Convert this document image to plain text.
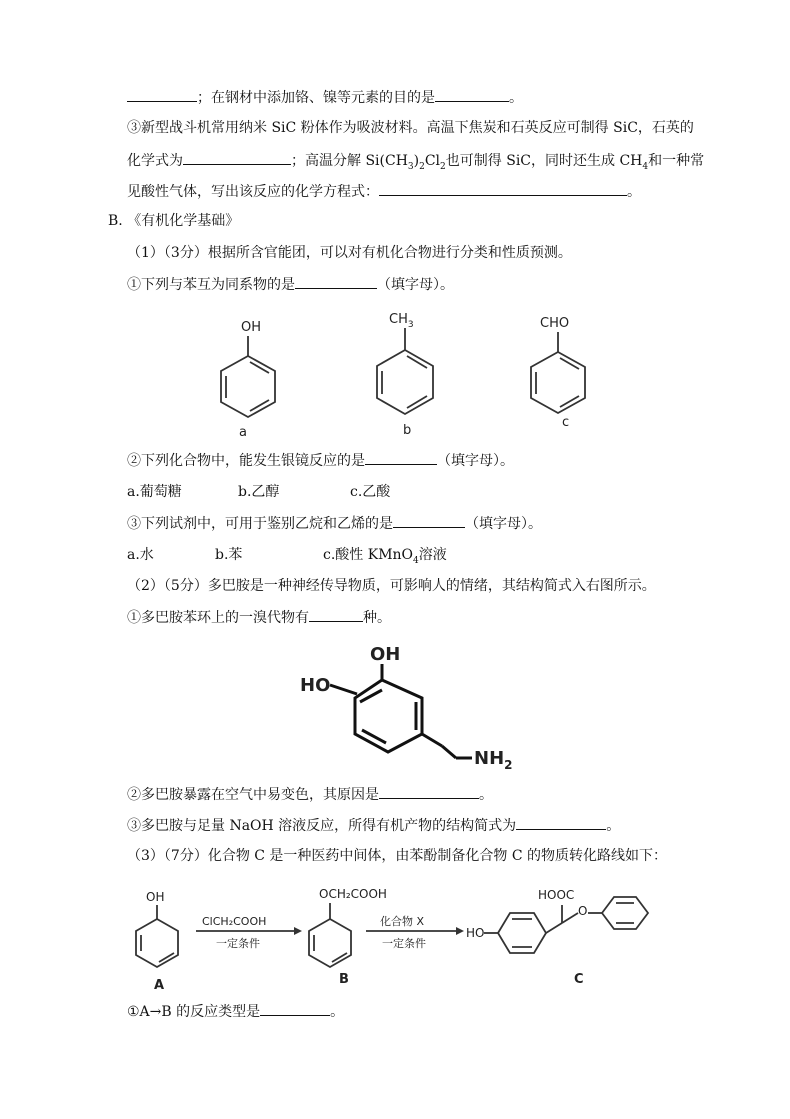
；在钢材中添加铬、镍等元素的目的是	。
③新型战斗机常用纳米 SiC 粉体作为吸波材料。高温下焦炭和石英反应可制得 SiC，石英的
化学式为	；高温分解 $Si(CH_3)_2Cl_2$也可制得 SiC，同时还生成 $CH_4$和一种常
见酸性气体，写出该反应的化学方程式：	。
B. 《有机化学基础》
（1）（3分）根据所含官能团，可以对有机化合物进行分类和性质预测。
①下列与苯互为同系物的是	（填字母）。
OH
a
$CH_3$
b
CHO
c
②下列化合物中，能发生银镜反应的是	（填字母）。
a.葡萄糖	b.乙醇	c.乙酸
③下列试剂中，可用于鉴别乙烷和乙烯的是	（填字母）。
a.水	b.苯	c.酸性 KMnO$_4$溶液
（2）（5分）多巴胺是一种神经传导物质，可影响人的情绪，其结构简式入右图所示。
①多巴胺苯环上的一溴代物有	种。
OH
HO
$NH_2$
②多巴胺暴露在空气中易变色，其原因是	。
③多巴胺与足量 NaOH 溶液反应，所得有机产物的结构简式为	。
（3）（7分）化合物 C 是一种医药中间体，由苯酚制备化合物 C 的物质转化路线如下：
OH
A
ClCH₂COOH
一定条件
OCH₂COOH
B
化合物 X
一定条件
HO
HOOC
O
C
①A→B 的反应类型是	。
